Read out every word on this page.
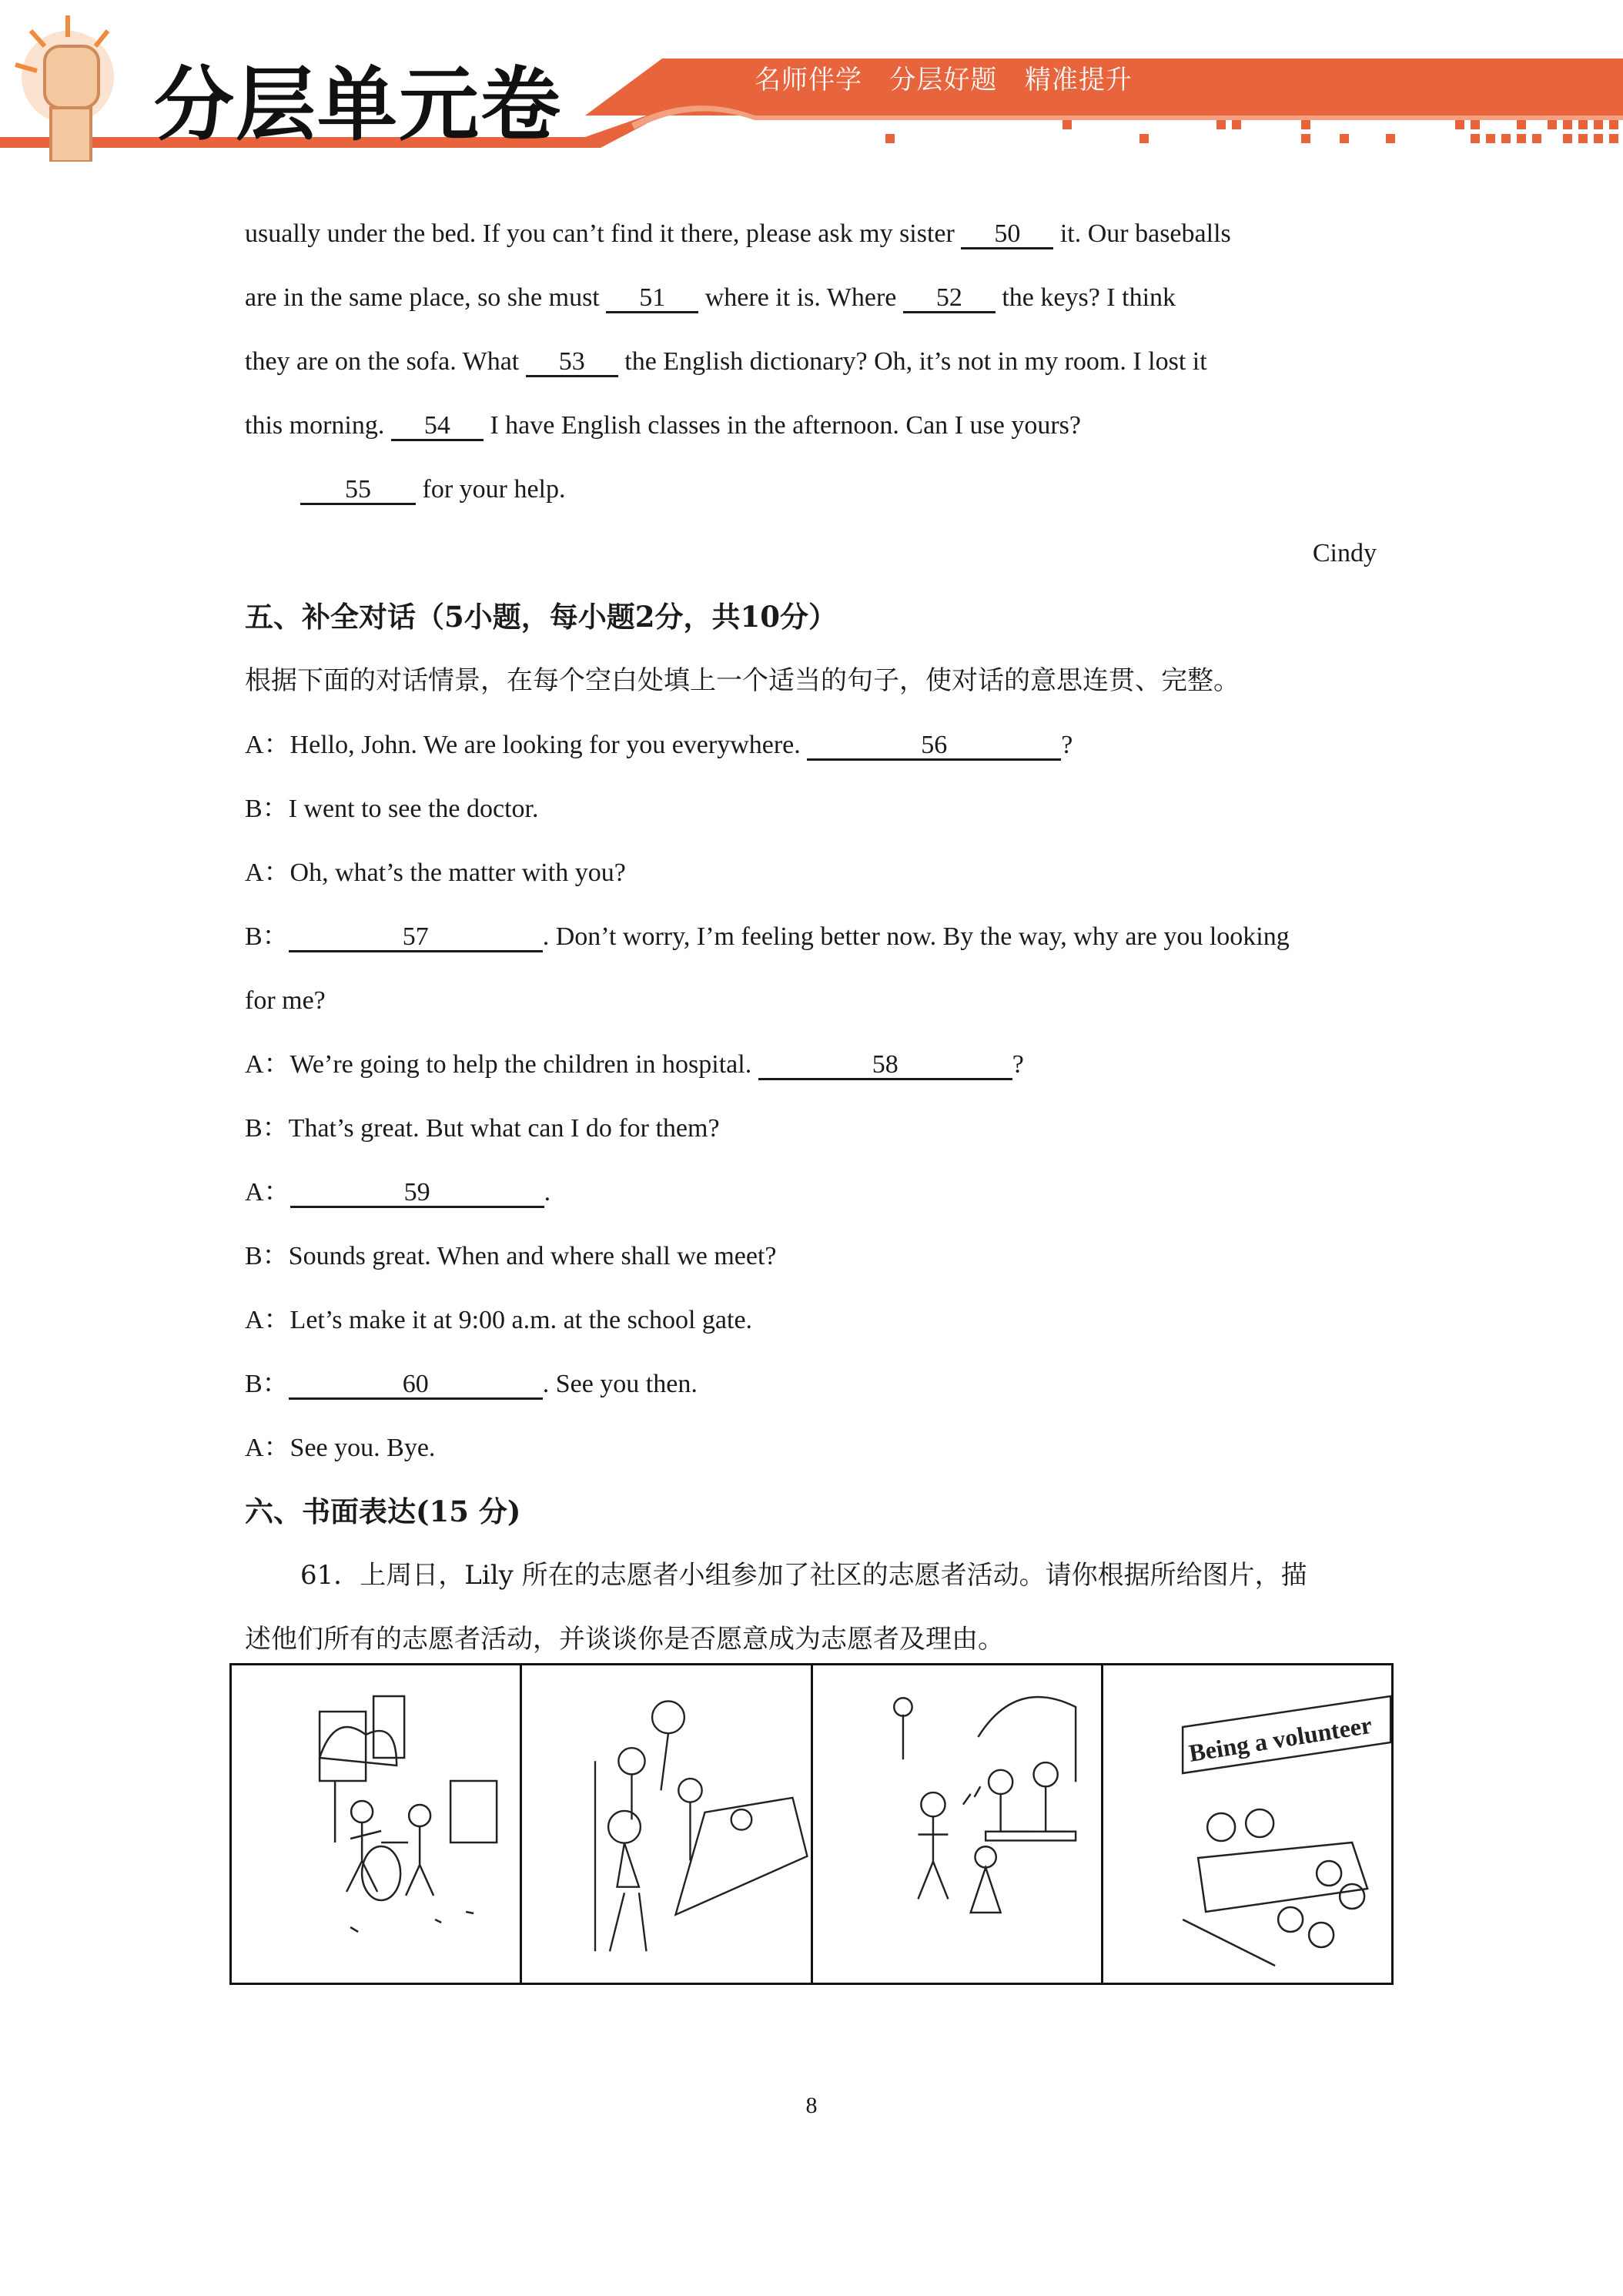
分层单元卷	名师伴学   分层好题   精准提升
usually under the bed. If you can’t find it there, please ask my sister 50 it. Our baseballs
are in the same place, so she must 51 where it is. Where 52 the keys? I think
they are on the sofa. What 53 the English dictionary? Oh, it’s not in my room. I lost it
this morning. 54 I have English classes in the afternoon. Can I use yours?
55 for your help.
Cindy
五、补全对话（5小题，每小题2分，共10分）
根据下面的对话情景，在每个空白处填上一个适当的句子，使对话的意思连贯、完整。
A：Hello, John. We are looking for you everywhere.	56	?
B：I went to see the doctor.
A：Oh, what’s the matter with you?
B：	57	. Don’t worry, I’m feeling better now. By the way, why are you looking
for me?
A：We’re going to help the children in hospital.	58	?
B：That’s great. But what can I do for them?
A：	59	.
B：Sounds great. When and where shall we meet?
A：Let’s make it at 9:00 a.m. at the school gate.
B：	60	. See you then.
A：See you. Bye.
六、书面表达(15 分)
61．上周日，Lily 所在的志愿者小组参加了社区的志愿者活动。请你根据所给图片，描
述他们所有的志愿者活动，并谈谈你是否愿意成为志愿者及理由。
Being a volunteer
8
